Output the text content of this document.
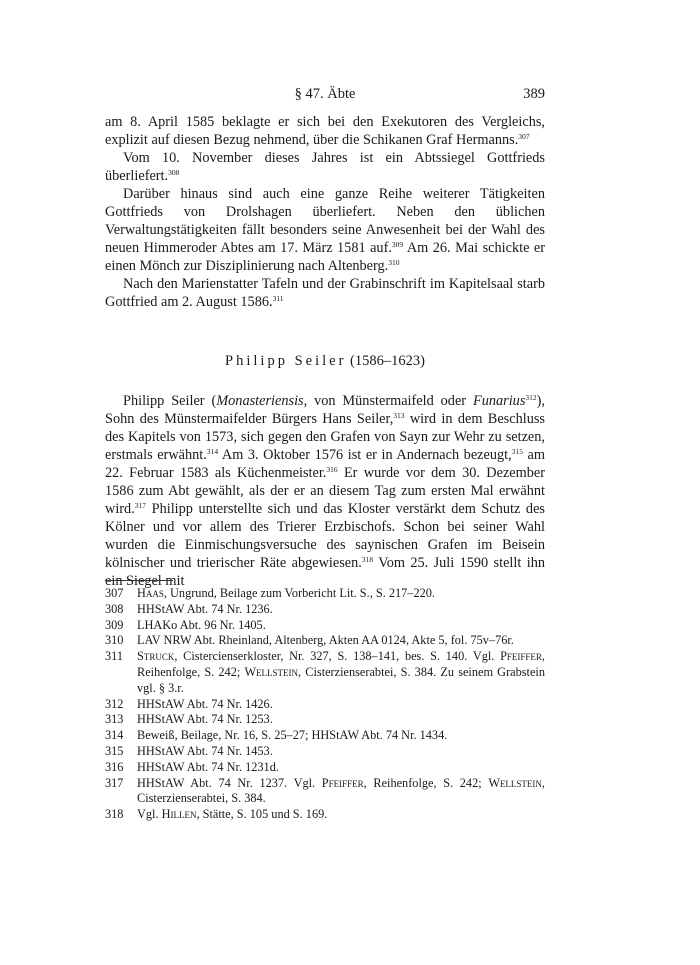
§ 47. Äbte	389

am 8. April 1585 beklagte er sich bei den Exekutoren des Vergleichs, explizit auf diesen Bezug nehmend, über die Schikanen Graf Hermanns.$^{307}$

Vom 10. November dieses Jahres ist ein Abtssiegel Gottfrieds überliefert.$^{308}$

Darüber hinaus sind auch eine ganze Reihe weiterer Tätigkeiten Gottfrieds von Drolshagen überliefert. Neben den üblichen Verwaltungstätigkeiten fällt besonders seine Anwesenheit bei der Wahl des neuen Himmeroder Abtes am 17. März 1581 auf.$^{309}$ Am 26. Mai schickte er einen Mönch zur Disziplinierung nach Altenberg.$^{310}$

Nach den Marienstatter Tafeln und der Grabinschrift im Kapitelsaal starb Gottfried am 2. August 1586.$^{311}$

Philipp Seiler (1586–1623)

Philipp Seiler (Monasteriensis, von Münstermaifeld oder Funarius$^{312}$), Sohn des Münstermaifelder Bürgers Hans Seiler,$^{313}$ wird in dem Beschluss des Kapitels von 1573, sich gegen den Grafen von Sayn zur Wehr zu setzen, erstmals erwähnt.$^{314}$ Am 3. Oktober 1576 ist er in Andernach bezeugt,$^{315}$ am 22. Februar 1583 als Küchenmeister.$^{316}$ Er wurde vor dem 30. Dezember 1586 zum Abt gewählt, als der er an diesem Tag zum ersten Mal erwähnt wird.$^{317}$ Philipp unterstellte sich und das Kloster verstärkt dem Schutz des Kölner und vor allem des Trierer Erzbischofs. Schon bei seiner Wahl wurden die Einmischungsversuche des saynischen Grafen im Beisein kölnischer und trierischer Räte abgewiesen.$^{318}$ Vom 25. Juli 1590 stellt ihn ein Siegel mit

307	Haas, Ungrund, Beilage zum Vorbericht Lit. S., S. 217–220.
308	HHStAW Abt. 74 Nr. 1236.
309	LHAKo Abt. 96 Nr. 1405.
310	LAV NRW Abt. Rheinland, Altenberg, Akten AA 0124, Akte 5, fol. 75v–76r.
311	Struck, Cistercienserkloster, Nr. 327, S. 138–141, bes. S. 140. Vgl. Pfeiffer, Reihenfolge, S. 242; Wellstein, Cisterzienserabtei, S. 384. Zu seinem Grabstein vgl. § 3.r.
312	HHStAW Abt. 74 Nr. 1426.
313	HHStAW Abt. 74 Nr. 1253.
314	Beweiß, Beilage, Nr. 16, S. 25–27; HHStAW Abt. 74 Nr. 1434.
315	HHStAW Abt. 74 Nr. 1453.
316	HHStAW Abt. 74 Nr. 1231d.
317	HHStAW Abt. 74 Nr. 1237. Vgl. Pfeiffer, Reihenfolge, S. 242; Wellstein, Cisterzienserabtei, S. 384.
318	Vgl. Hillen, Stätte, S. 105 und S. 169.
